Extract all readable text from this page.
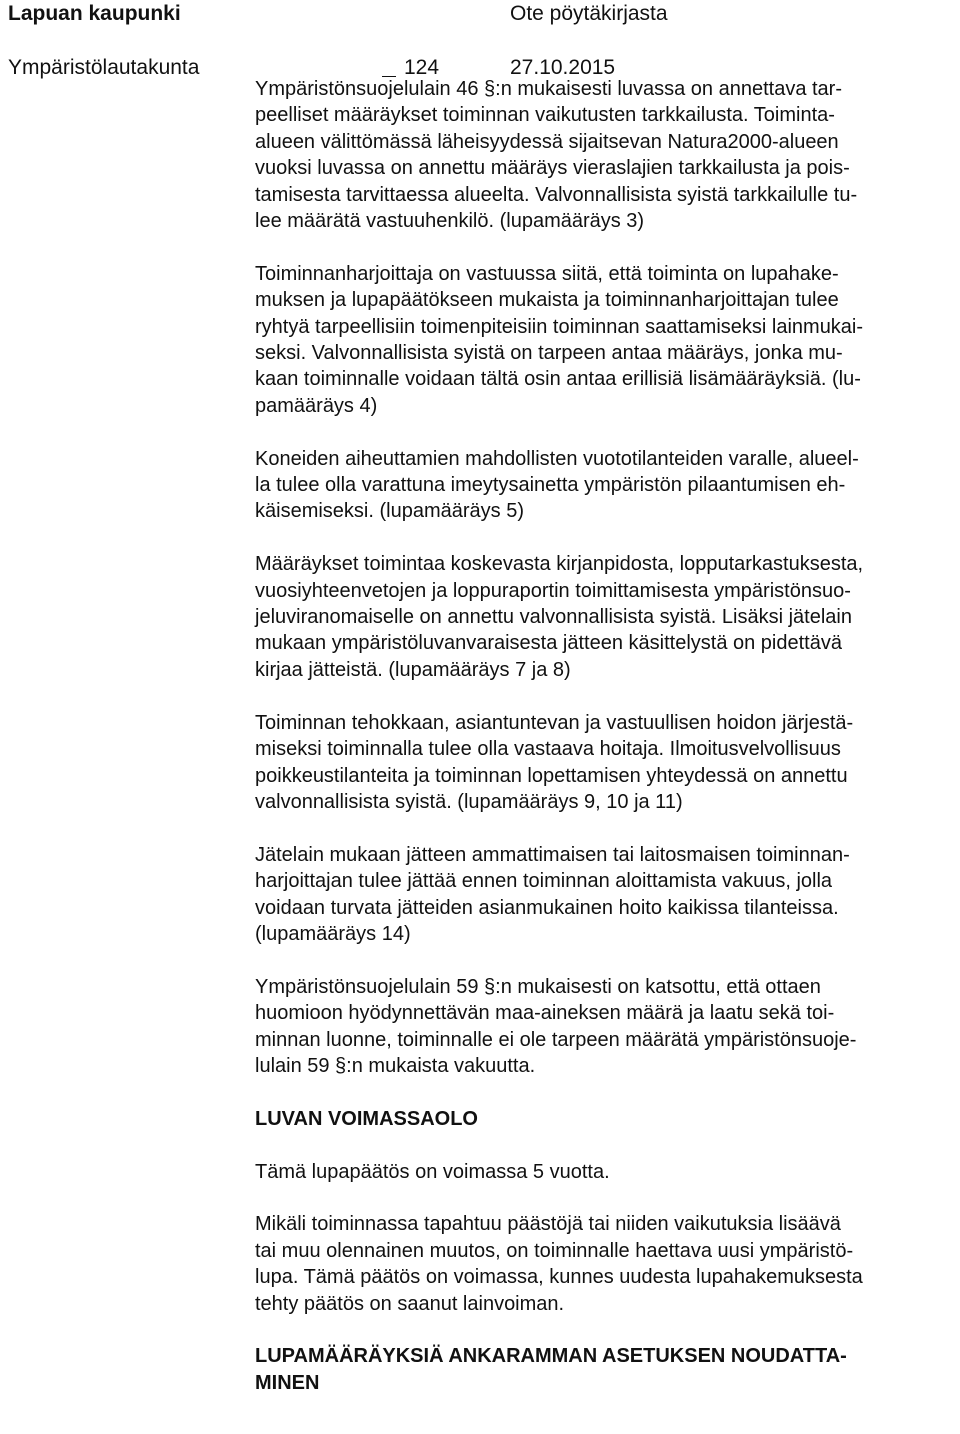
Lapuan kaupunki	Ote pöytäkirjasta
Ympäristölautakunta	124	27.10.2015
Ympäristönsuojelulain 46 §:n mukaisesti luvassa on annettava tar-
peelliset määräykset toiminnan vaikutusten tarkkailusta. Toiminta-
alueen välittömässä läheisyydessä sijaitsevan Natura2000-alueen
vuoksi luvassa on annettu määräys vieraslajien tarkkailusta ja pois-
tamisesta tarvittaessa alueelta. Valvonnallisista syistä tarkkailulle tu-
lee määrätä vastuuhenkilö. (lupamääräys 3)
Toiminnanharjoittaja on vastuussa siitä, että toiminta on lupahake-
muksen ja lupapäätökseen mukaista ja toiminnanharjoittajan tulee
ryhtyä tarpeellisiin toimenpiteisiin toiminnan saattamiseksi lainmukai-
seksi. Valvonnallisista syistä on tarpeen antaa määräys, jonka mu-
kaan toiminnalle voidaan tältä osin antaa erillisiä lisämääräyksiä. (lu-
pamääräys 4)
Koneiden aiheuttamien mahdollisten vuototilanteiden varalle, alueel-
la tulee olla varattuna imeytysainetta ympäristön pilaantumisen eh-
käisemiseksi. (lupamääräys 5)
Määräykset toimintaa koskevasta kirjanpidosta, lopputarkastuksesta,
vuosiyhteenvetojen ja loppuraportin toimittamisesta ympäristönsuo-
jeluviranomaiselle on annettu valvonnallisista syistä. Lisäksi jätelain
mukaan ympäristöluvanvaraisesta jätteen käsittelystä on pidettävä
kirjaa jätteistä. (lupamääräys 7 ja 8)
Toiminnan tehokkaan, asiantuntevan ja vastuullisen hoidon järjestä-
miseksi toiminnalla tulee olla vastaava hoitaja. Ilmoitusvelvollisuus
poikkeustilanteita ja toiminnan lopettamisen yhteydessä on annettu
valvonnallisista syistä. (lupamääräys 9, 10 ja 11)
Jätelain mukaan jätteen ammattimaisen tai laitosmaisen toiminnan-
harjoittajan tulee jättää ennen toiminnan aloittamista vakuus, jolla
voidaan turvata jätteiden asianmukainen hoito kaikissa tilanteissa.
(lupamääräys 14)
Ympäristönsuojelulain 59 §:n mukaisesti on katsottu, että ottaen
huomioon hyödynnettävän maa-aineksen määrä ja laatu sekä toi-
minnan luonne, toiminnalle ei ole tarpeen määrätä ympäristönsuoje-
lulain 59 §:n mukaista vakuutta.
LUVAN VOIMASSAOLO
Tämä lupapäätös on voimassa 5 vuotta.
Mikäli toiminnassa tapahtuu päästöjä tai niiden vaikutuksia lisäävä
tai muu olennainen muutos, on toiminnalle haettava uusi ympäristö-
lupa. Tämä päätös on voimassa, kunnes uudesta lupahakemuksesta
tehty päätös on saanut lainvoiman.
LUPAMÄÄRÄYKSIÄ ANKARAMMAN ASETUKSEN NOUDATTA-
MINEN
